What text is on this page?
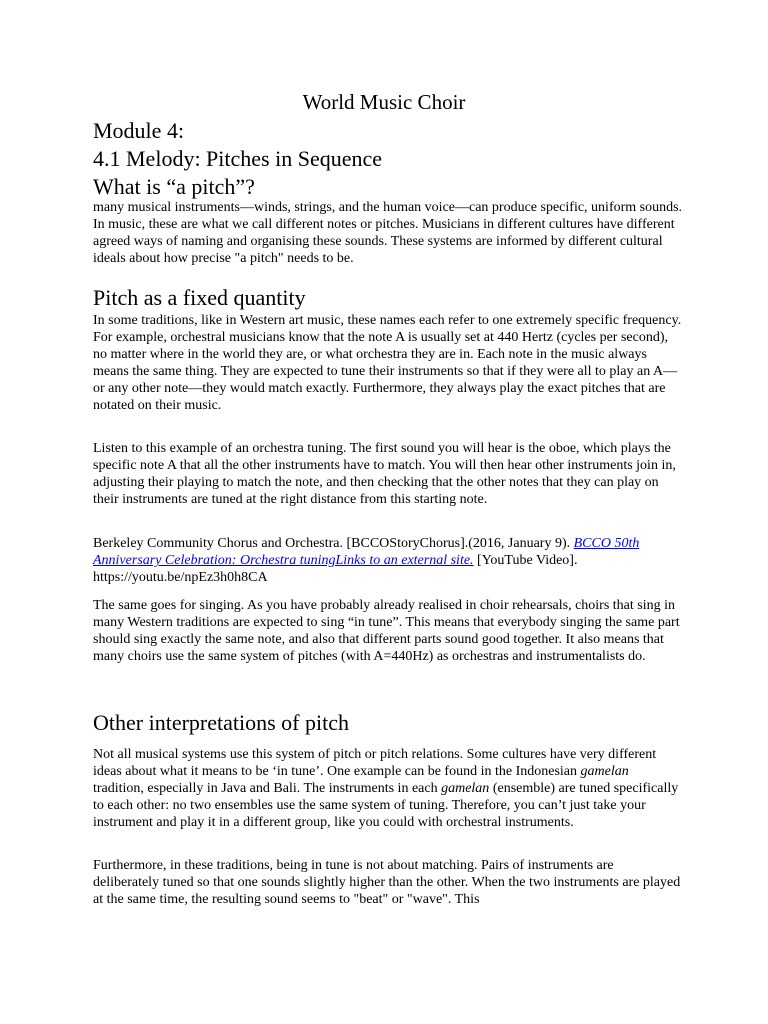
World Music Choir
Module 4:
4.1 Melody: Pitches in Sequence
What is “a pitch”?
many musical instruments—winds, strings, and the human voice—can produce specific, uniform sounds. In music, these are what we call different notes or pitches. Musicians in different cultures have different agreed ways of naming and organising these sounds. These systems are informed by different cultural ideals about how precise "a pitch" needs to be.
Pitch as a fixed quantity
In some traditions, like in Western art music, these names each refer to one extremely specific frequency. For example, orchestral musicians know that the note A is usually set at 440 Hertz (cycles per second), no matter where in the world they are, or what orchestra they are in. Each note in the music always means the same thing. They are expected to tune their instruments so that if they were all to play an A—or any other note—they would match exactly. Furthermore, they always play the exact pitches that are notated on their music.
Listen to this example of an orchestra tuning. The first sound you will hear is the oboe, which plays the specific note A that all the other instruments have to match. You will then hear other instruments join in, adjusting their playing to match the note, and then checking that the other notes that they can play on their instruments are tuned at the right distance from this starting note.
Berkeley Community Chorus and Orchestra. [BCCOStoryChorus].(2016, January 9). BCCO 50th Anniversary Celebration: Orchestra tuningLinks to an external site. [YouTube Video]. https://youtu.be/npEz3h0h8CA
The same goes for singing. As you have probably already realised in choir rehearsals, choirs that sing in many Western traditions are expected to sing “in tune”. This means that everybody singing the same part should sing exactly the same note, and also that different parts sound good together. It also means that many choirs use the same system of pitches (with A=440Hz) as orchestras and instrumentalists do.
Other interpretations of pitch
Not all musical systems use this system of pitch or pitch relations. Some cultures have very different ideas about what it means to be ‘in tune’. One example can be found in the Indonesian gamelan tradition, especially in Java and Bali. The instruments in each gamelan (ensemble) are tuned specifically to each other: no two ensembles use the same system of tuning. Therefore, you can’t just take your instrument and play it in a different group, like you could with orchestral instruments.
Furthermore, in these traditions, being in tune is not about matching. Pairs of instruments are deliberately tuned so that one sounds slightly higher than the other. When the two instruments are played at the same time, the resulting sound seems to "beat" or "wave". This
